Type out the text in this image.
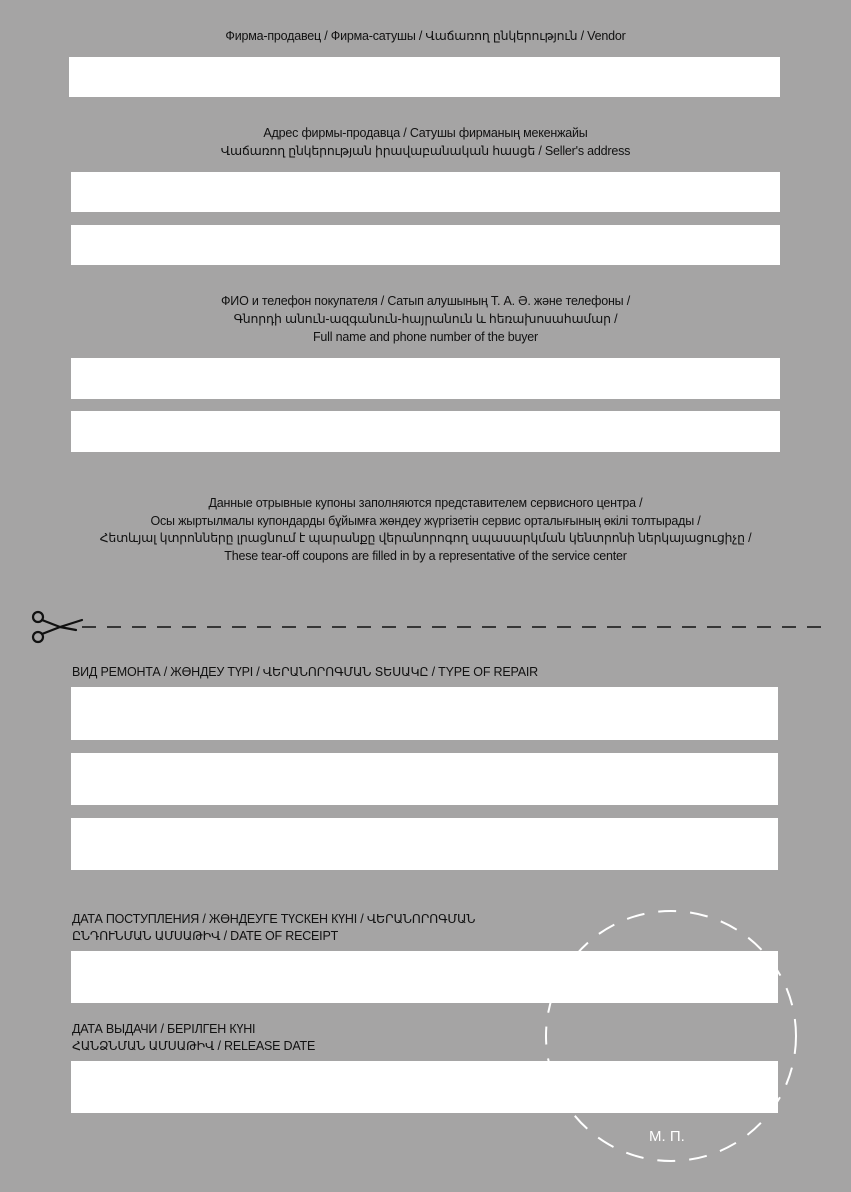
Фирма-продавец / Фирма-сатушы / Վաճառող ընկերություն / Vendor
Адрес фирмы-продавца / Сатушы фирманың мекенжайы
Վաճառող ընկերության իրավաբանական հասցե / Seller's address
ФИО и телефон покупателя / Сатып алушының Т. А. Ә. және телефоны /
Գնորդի անուն-ազգանուն-հայրանուն և հեռախոսահամար /
Full name and phone number of the buyer
Данные отрывные купоны заполняются представителем сервисного центра /
Осы жыртылмалы купондарды бұйымға жөндеу жүргізетін сервис орталығының өкілі толтырады /
Հետևյալ կտրոնները լրացնում է պարանքը վերանորոգող սպասարկման կենտրոնի ներկայացուցիչը /
These tear-off coupons are filled in by a representative of the service center
ВИД РЕМОНТА / ЖӨНДЕУ ТҮРІ / ՎԵՐԱՆՈՐՈԳՄԱՆ ՏԵՍԱԿԸ / TYPE OF REPAIR
ДАТА ПОСТУПЛЕНИЯ / ЖӨНДЕУГЕ ТҮСКЕН КҮНІ / ՎԵՐԱՆՈՐՈԳՄԱՆ
ԸՆԴՈՒՆՄԱՆ ԱՄՍԱԹԻՎ / DATE OF RECEIPT
ДАТА ВЫДАЧИ / БЕРІЛГЕН КҮНІ
ՀԱՆՁՆՄԱՆ ԱՄՍԱԹԻՎ / RELEASE DATE
М. П.
